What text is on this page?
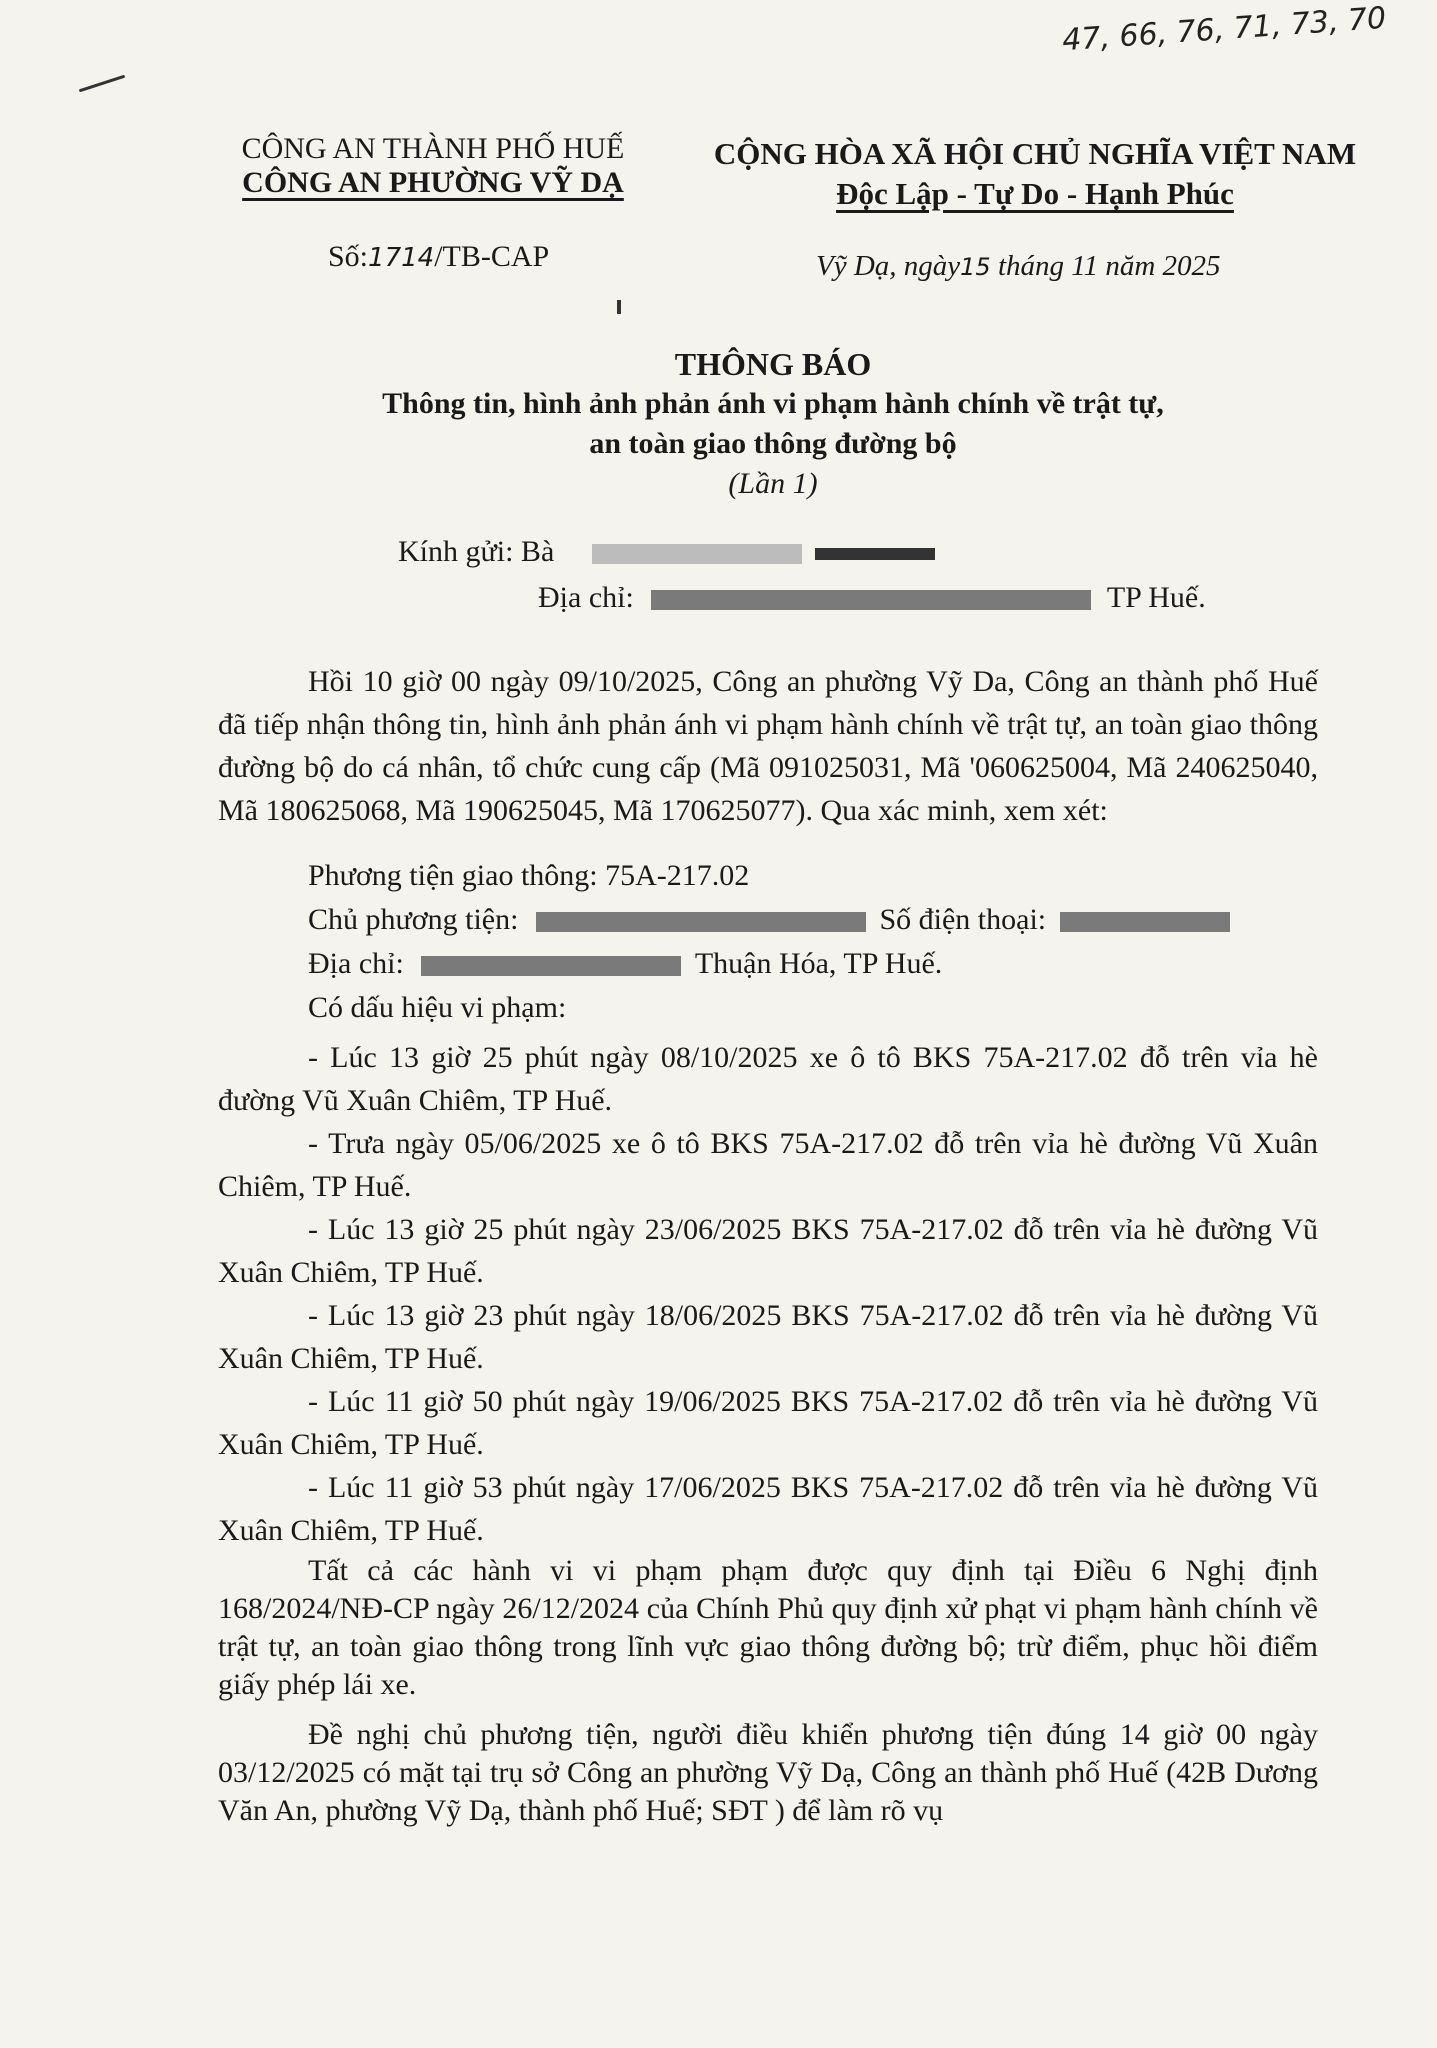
47, 66, 76, 71, 73, 70
CÔNG AN THÀNH PHỐ HUẾ
CÔNG AN PHƯỜNG VỸ DẠ
Số:1714/TB-CAP
CỘNG HÒA XÃ HỘI CHỦ NGHĨA VIỆT NAM
Độc Lập - Tự Do - Hạnh Phúc
Vỹ Dạ, ngày15 tháng 11 năm 2025
THÔNG BÁO
Thông tin, hình ảnh phản ánh vi phạm hành chính về trật tự,
an toàn giao thông đường bộ
(Lần 1)
Kính gửi: Bà
Địa chỉ:	TP Huế.
Hồi 10 giờ 00 ngày 09/10/2025, Công an phường Vỹ Da, Công an thành phố Huế đã tiếp nhận thông tin, hình ảnh phản ánh vi phạm hành chính về trật tự, an toàn giao thông đường bộ do cá nhân, tổ chức cung cấp (Mã 091025031, Mã '060625004, Mã 240625040, Mã 180625068, Mã 190625045, Mã 170625077). Qua xác minh, xem xét:
Phương tiện giao thông: 75A-217.02
Chủ phương tiện:	Số điện thoại:
Địa chỉ:	Thuận Hóa, TP Huế.
Có dấu hiệu vi phạm:
- Lúc 13 giờ 25 phút ngày 08/10/2025 xe ô tô BKS 75A-217.02 đỗ trên vỉa hè đường Vũ Xuân Chiêm, TP Huế.
- Trưa ngày 05/06/2025 xe ô tô BKS 75A-217.02 đỗ trên vỉa hè đường Vũ Xuân Chiêm, TP Huế.
- Lúc 13 giờ 25 phút ngày 23/06/2025 BKS 75A-217.02 đỗ trên vỉa hè đường Vũ Xuân Chiêm, TP Huế.
- Lúc 13 giờ 23 phút ngày 18/06/2025 BKS 75A-217.02 đỗ trên vỉa hè đường Vũ Xuân Chiêm, TP Huế.
- Lúc 11 giờ 50 phút ngày 19/06/2025 BKS 75A-217.02 đỗ trên vỉa hè đường Vũ Xuân Chiêm, TP Huế.
- Lúc 11 giờ 53 phút ngày 17/06/2025 BKS 75A-217.02 đỗ trên vỉa hè đường Vũ Xuân Chiêm, TP Huế.
Tất cả các hành vi vi phạm phạm được quy định tại Điều 6 Nghị định 168/2024/NĐ-CP ngày 26/12/2024 của Chính Phủ quy định xử phạt vi phạm hành chính về trật tự, an toàn giao thông trong lĩnh vực giao thông đường bộ; trừ điểm, phục hồi điểm giấy phép lái xe.
Đề nghị chủ phương tiện, người điều khiển phương tiện đúng 14 giờ 00 ngày 03/12/2025 có mặt tại trụ sở Công an phường Vỹ Dạ, Công an thành phố Huế (42B Dương Văn An, phường Vỹ Dạ, thành phố Huế; SĐT ) để làm rõ vụ
